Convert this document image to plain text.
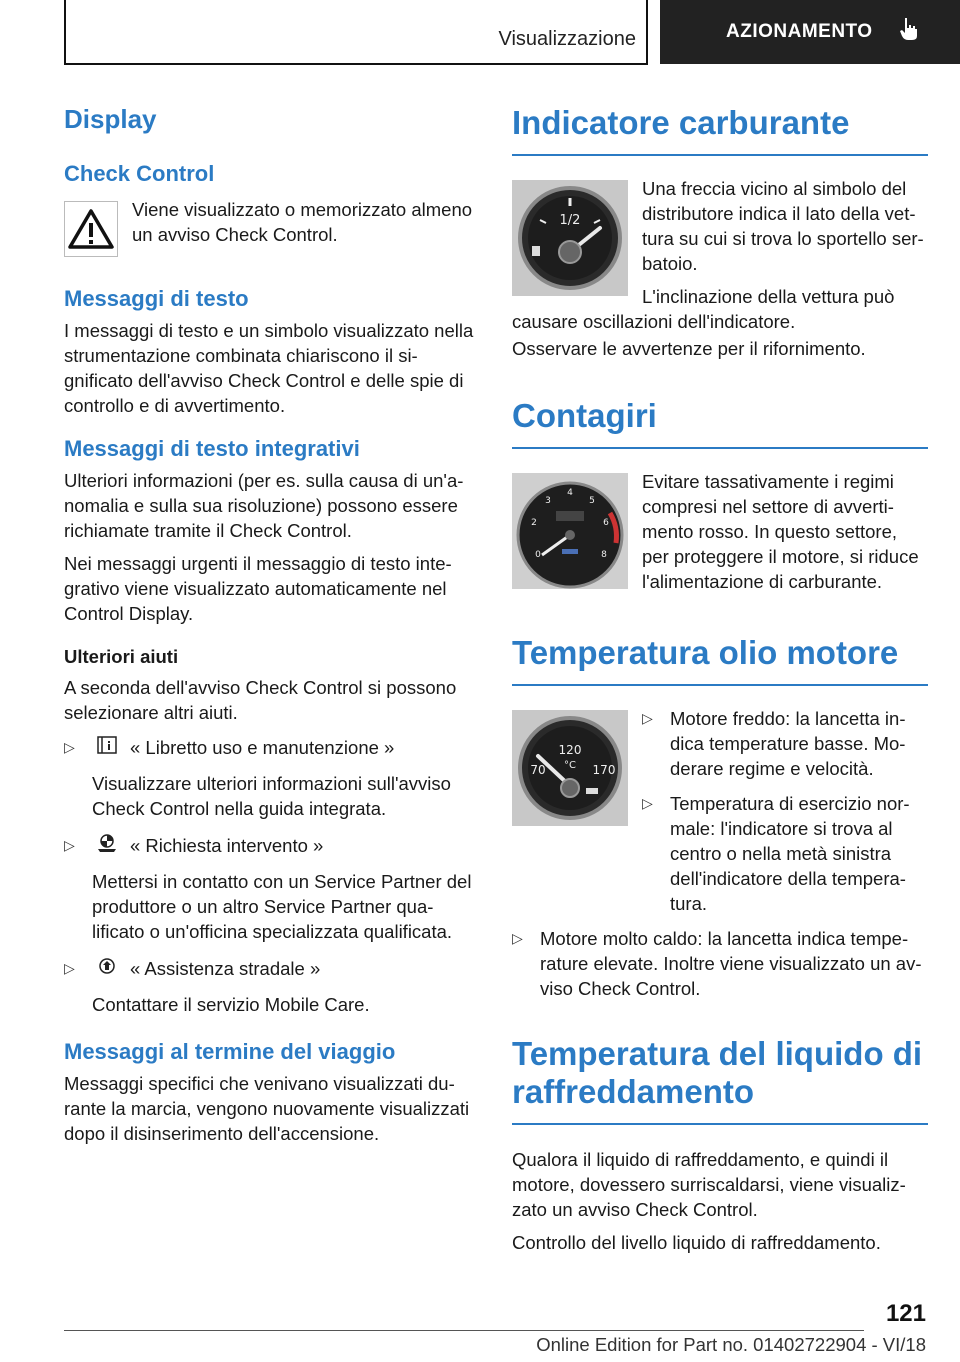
Visualizzazione	AZIONAMENTO
Display
Check Control

Viene visualizzato o memorizzato almeno un avviso Check Control.

Messaggi di testo

I messaggi di testo e un simbolo visualizzato nella strumentazione combinata chiariscono il si-gnificato dell'avviso Check Control e delle spie di controllo e di avvertimento.

Messaggi di testo integrativi

Ulteriori informazioni (per es. sulla causa di un'a-nomalia e sulla sua risoluzione) possono essere richiamate tramite il Check Control.

Nei messaggi urgenti il messaggio di testo inte-grativo viene visualizzato automaticamente nel Control Display.

Ulteriori aiuti

A seconda dell'avviso Check Control si possono selezionare altri aiuti.

▷	« Libretto uso e manutenzione »

Visualizzare ulteriori informazioni sull'avviso Check Control nella guida integrata.

▷	« Richiesta intervento »

Mettersi in contatto con un Service Partner del produttore o un altro Service Partner qua-lificato o un'officina specializzata qualificata.

▷	« Assistenza stradale »

Contattare il servizio Mobile Care.

Messaggi al termine del viaggio

Messaggi specifici che venivano visualizzati du-rante la marcia, vengono nuovamente visualizzati dopo il disinserimento dell'accensione.

Indicatore carburante
1/2

Una freccia vicino al simbolo del distributore indica il lato della vet-tura su cui si trova lo sportello ser-batoio.

L'inclinazione della vettura può causare oscillazioni dell'indicatore.

Osservare le avvertenze per il rifornimento.

Contagiri
0
2
3
4
5
6
8

Evitare tassativamente i regimi compresi nel settore di avverti-mento rosso. In questo settore, per proteggere il motore, si riduce l'alimentazione di carburante.

Temperatura olio motore
120
°C
70	170
▷ Motore freddo: la lancetta in-dica temperature basse. Mo-derare regime e velocità.

▷ Temperatura di esercizio nor-male: l'indicatore si trova al centro o nella metà sinistra dell'indicatore della tempera-tura.

▷ Motore molto caldo: la lancetta indica tempe-rature elevate. Inoltre viene visualizzato un av-viso Check Control.

Temperatura del liquido di raffreddamento

Qualora il liquido di raffreddamento, e quindi il motore, dovessero surriscaldarsi, viene visualiz-zato un avviso Check Control.

Controllo del livello liquido di raffreddamento.

121
Online Edition for Part no. 01402722904 - VI/18
